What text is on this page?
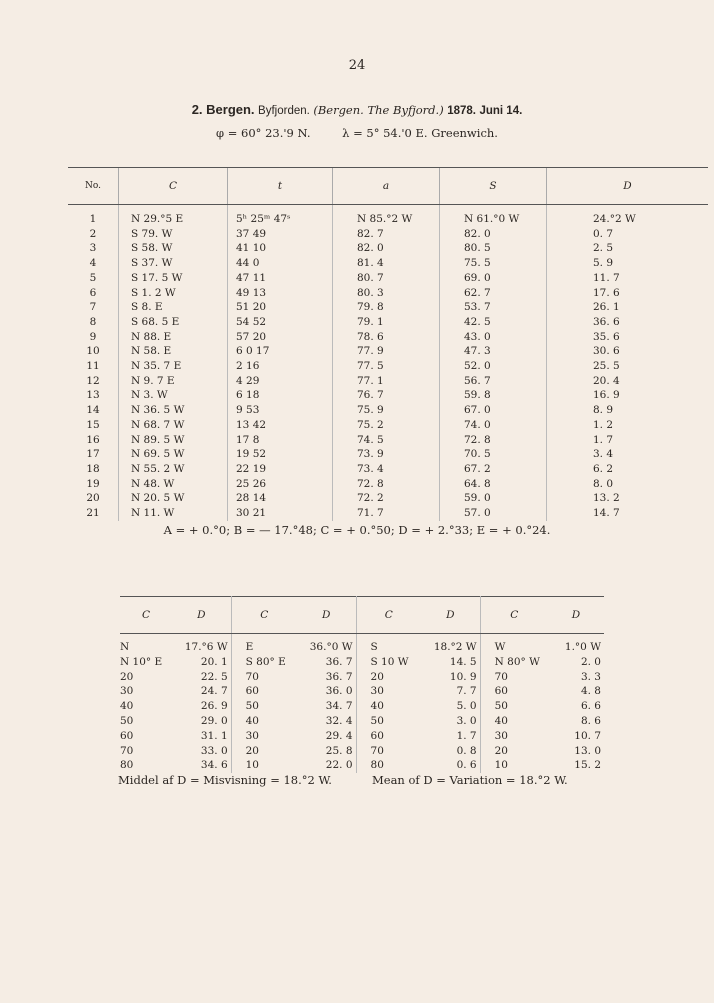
24
2. Bergen. Byfjorden. (Bergen. The Byfjord.) 1878. Juni 14.
φ = 60° 23.'9 N.	λ = 5° 54.'0 E. Greenwich.
No.	C	t	a	S	D
1	N 29.°5 E	5ʰ 25ᵐ 47ˢ	N 85.°2 W	N 61.°0 W	24.°2 W
2	S 79. W	37 49	82. 7	82. 0	0. 7
3	S 58. W	41 10	82. 0	80. 5	2. 5
4	S 37. W	44 0	81. 4	75. 5	5. 9
5	S 17. 5 W	47 11	80. 7	69. 0	11. 7
6	S 1. 2 W	49 13	80. 3	62. 7	17. 6
7	S 8. E	51 20	79. 8	53. 7	26. 1
8	S 68. 5 E	54 52	79. 1	42. 5	36. 6
9	N 88. E	57 20	78. 6	43. 0	35. 6
10	N 58. E	6 0 17	77. 9	47. 3	30. 6
11	N 35. 7 E	2 16	77. 5	52. 0	25. 5
12	N 9. 7 E	4 29	77. 1	56. 7	20. 4
13	N 3. W	6 18	76. 7	59. 8	16. 9
14	N 36. 5 W	9 53	75. 9	67. 0	8. 9
15	N 68. 7 W	13 42	75. 2	74. 0	1. 2
16	N 89. 5 W	17 8	74. 5	72. 8	1. 7
17	N 69. 5 W	19 52	73. 9	70. 5	3. 4
18	N 55. 2 W	22 19	73. 4	67. 2	6. 2
19	N 48. W	25 26	72. 8	64. 8	8. 0
20	N 20. 5 W	28 14	72. 2	59. 0	13. 2
21	N 11. W	30 21	71. 7	57. 0	14. 7
A = + 0.°0; B = — 17.°48; C = + 0.°50; D = + 2.°33; E = + 0.°24.
C	D	C	D	C	D	C	D
N	17.°6 W	E	36.°0 W	S	18.°2 W	W	1.°0 W
N 10° E	20. 1	S 80° E	36. 7	S 10 W	14. 5	N 80° W	2. 0
20	22. 5	70	36. 7	20	10. 9	70	3. 3
30	24. 7	60	36. 0	30	7. 7	60	4. 8
40	26. 9	50	34. 7	40	5. 0	50	6. 6
50	29. 0	40	32. 4	50	3. 0	40	8. 6
60	31. 1	30	29. 4	60	1. 7	30	10. 7
70	33. 0	20	25. 8	70	0. 8	20	13. 0
80	34. 6	10	22. 0	80	0. 6	10	15. 2
Middel af D = Misvisning = 18.°2 W.	Mean of D = Variation = 18.°2 W.
